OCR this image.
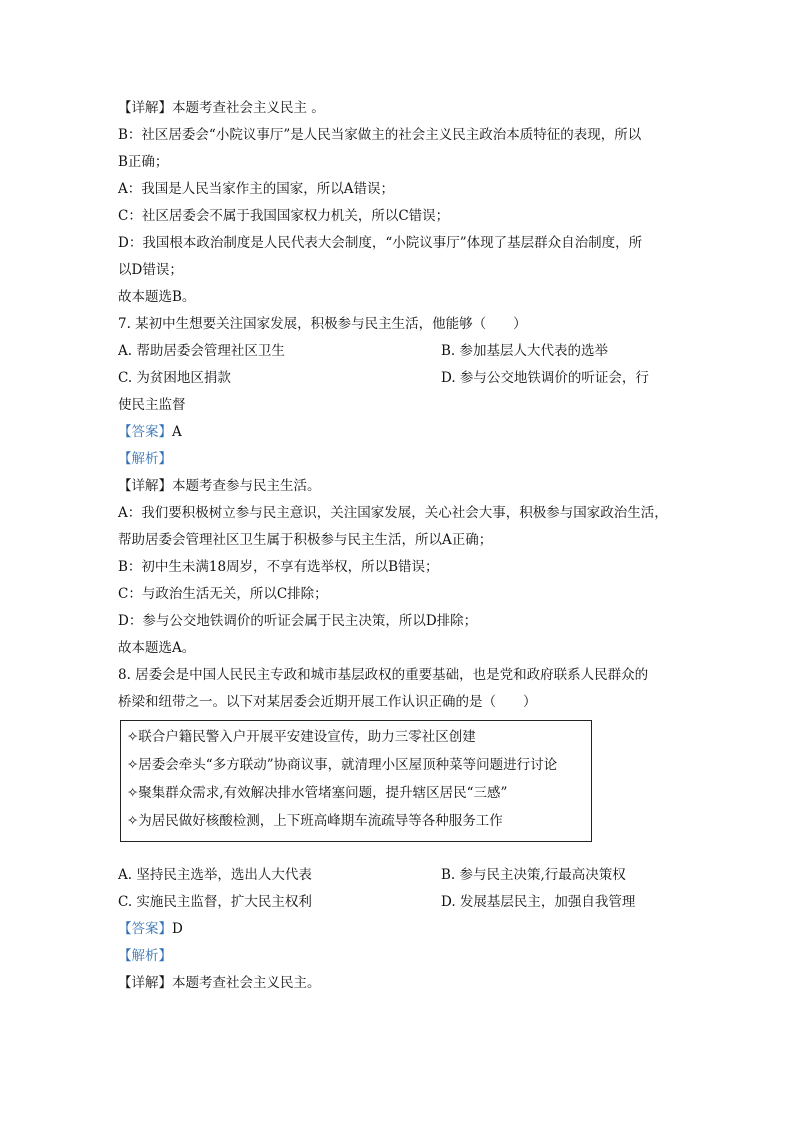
【详解】本题考查社会主义民主 。
B：社区居委会“小院议事厅”是人民当家做主的社会主义民主政治本质特征的表现，所以
B正确；
A：我国是人民当家作主的国家，所以A错误；
C：社区居委会不属于我国国家权力机关，所以C错误；
D：我国根本政治制度是人民代表大会制度，“小院议事厅”体现了基层群众自治制度，所
以D错误；
故本题选B。
7. 某初中生想要关注国家发展，积极参与民主生活，他能够（　　）
A. 帮助居委会管理社区卫生	B. 参加基层人大代表的选举
C. 为贫困地区捐款	D. 参与公交地铁调价的听证会，行
使民主监督
【答案】A
【解析】
【详解】本题考查参与民主生活。
A：我们要积极树立参与民主意识，关注国家发展，关心社会大事，积极参与国家政治生活，
帮助居委会管理社区卫生属于积极参与民主生活，所以A正确；
B：初中生未满18周岁，不享有选举权，所以B错误；
C：与政治生活无关，所以C排除；
D：参与公交地铁调价的听证会属于民主决策，所以D排除；
故本题选A。
8. 居委会是中国人民民主专政和城市基层政权的重要基础，也是党和政府联系人民群众的
桥梁和纽带之一。以下对某居委会近期开展工作认识正确的是（　　）
✧联合户籍民警入户开展平安建设宣传，助力三零社区创建
✧居委会牵头“多方联动”协商议事，就清理小区屋顶种菜等问题进行讨论
✧聚集群众需求,有效解决排水管堵塞问题，提升辖区居民“三感”
✧为居民做好核酸检测，上下班高峰期车流疏导等各种服务工作
A. 坚持民主选举，选出人大代表	B. 参与民主决策,行最高决策权
C. 实施民主监督，扩大民主权利	D. 发展基层民主，加强自我管理
【答案】D
【解析】
【详解】本题考查社会主义民主。
